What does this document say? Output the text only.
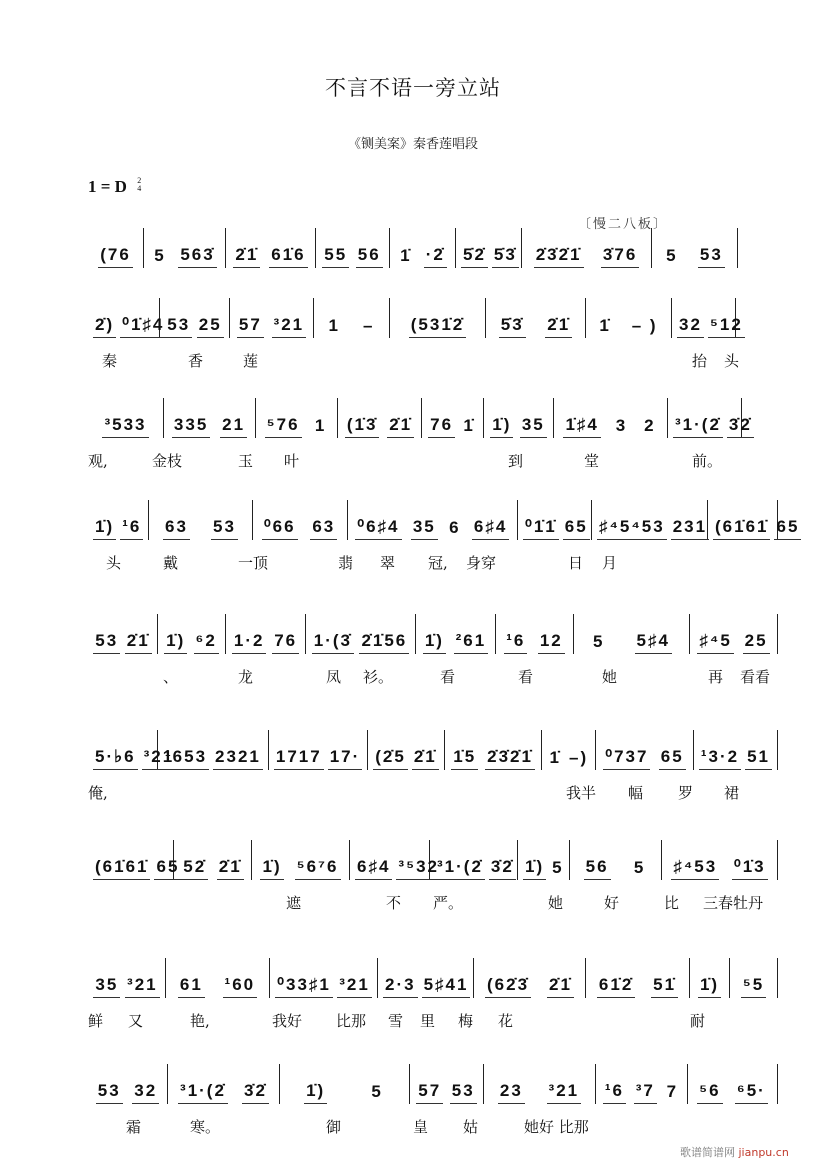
不言不语一旁立站
《铡美案》秦香莲唱段
1 = D 2
4
〔慢二八板〕
(76 5 563̇ 2̇1̇ 61̇6 55 56 1̇ ·2̇ 5̇2̇ 5̇3̇ 2̇3̇2̇1̇ 3̇76 5 53
2̇) ⁰1̇♯4 53 25 57 ³21 1 – (531̇2̇ 5̇3̇ 2̇1̇ 1̇ – ) 32 ⁵12
秦	香	莲	抬 头
³533 335 21 ⁵76 1 (1̇3̇ 2̇1̇ 76 1̇ 1̇) 35 1̇♯4 3 2 ³1·(2̇ 3̇2̇
观,	金枝	玉 叶	到	堂	前。
1̇) ¹6 63 53 ⁰66 63 ⁰6♯4 35 6 6♯4 ⁰1̇1̇ 65 ♯⁴5⁴53 231 (61̇61̇ 65
头	戴	一顶	翡 翠 冠, 身穿	日 月
53 2̇1̇ 1̇) ⁶2 1·2 76 1·(3̇ 2̇1̇56 1̇) ²61 ¹6 12 5 5♯4 ♯⁴5 25
、	龙	凤 衫。	看	看	她	再 看看
5·♭6 ³21
¹653 2321 1717 17· (2̇5 2̇1̇ 1̇5 2̇3̇2̇1̇ 1̇ –) ⁰737 65 ¹3·2 51
俺,	我半 幅 罗 裙
(61̇61̇ 65 52̇ 2̇1̇ 1̇) ⁵6⁷6 6♯4 ³⁵32
³1·(2̇ 3̇2̇ 1̇) 5 56 5 ♯⁴53 ⁰1̇3
遮	不 严。	她	好	比 三春牡丹
35 ³21 61 ¹60 ⁰33♯1 ³21 2·3 5♯41 (62̇3̇ 2̇1̇ 61̇2̇ 51̇ 1̇) ⁵5
鲜 又	艳,	我好 比那 雪 里 梅 花	耐
53 32 ³1·(2̇ 3̇2̇ 1̇)	5 57 53 23 ³21 ¹6 ³7 7 ⁵6 ⁶5·
霜	寒。	御	皇 姑	她好 比那
歌谱简谱网 jianpu.cn
